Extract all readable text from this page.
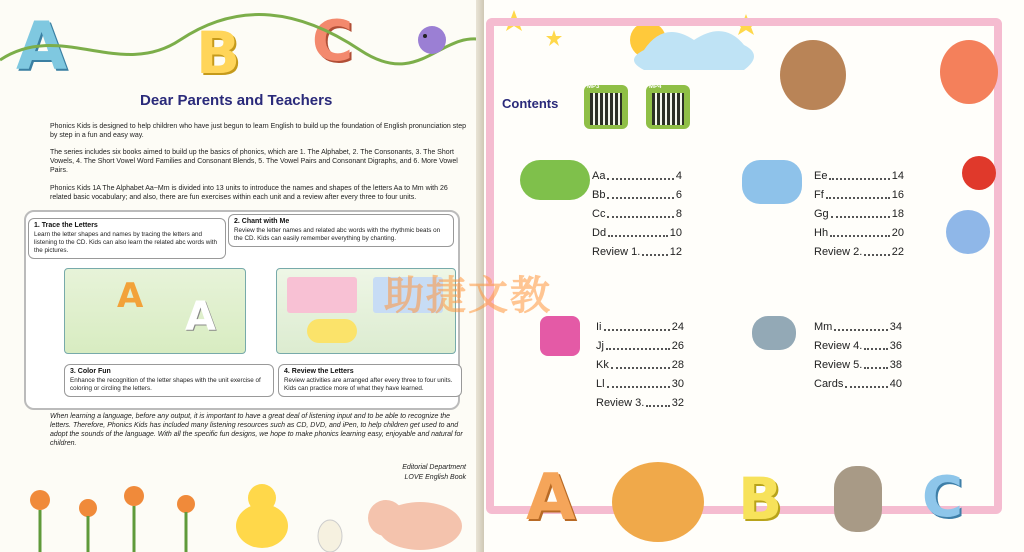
A B C
Dear Parents and Teachers
Phonics Kids is designed to help children who have just begun to learn English to build up the foundation of English pronunciation step by step in a fun and easy way.
The series includes six books aimed to build up the basics of phonics, which are 1. The Alphabet, 2. The Consonants, 3. The Short Vowels, 4. The Short Vowel Word Families and Consonant Blends, 5. The Vowel Pairs and Consonant Digraphs, and 6. More Vowel Pairs.
Phonics Kids 1A The Alphabet Aa~Mm is divided into 13 units to introduce the names and shapes of the letters Aa to Mm with 26 related basic vocabulary; and also, there are fun exercises within each unit and a review after every three to four units.
A A
1. Trace the Letters
Learn the letter shapes and names by tracing the letters and listening to the CD. Kids can also learn the related abc words with the pictures.
2. Chant with Me
Review the letter names and related abc words with the rhythmic beats on the CD. Kids can easily remember everything by chanting.
3. Color Fun
Enhance the recognition of the letter shapes with the unit exercise of coloring or circling the letters.
4. Review the Letters
Review activities are arranged after every three to four units. Kids can practice more of what they have learned.
When learning a language, before any output, it is important to have a great deal of listening input and to be able to recognize the letters. Therefore, Phonics Kids has included many listening resources such as CD, DVD, and iPen, to help children get used to and adopt the sounds of the language. With all the specific fun designs, we hope to make phonics learning easy, enjoyable and natural for children.
Editorial Department
LOVE English Book
Contents
MP3	MP4
Aa	4
Bb	6
Cc	8
Dd	10
Review 1.	12
Ee	14
Ff	16
Gg	18
Hh	20
Review 2.	22
Ii	24
Jj	26
Kk	28
Ll	30
Review 3. 32
Mm	34
Review 4. 36
Review 5. 38
Cards	40
A	B C
助捷文教
